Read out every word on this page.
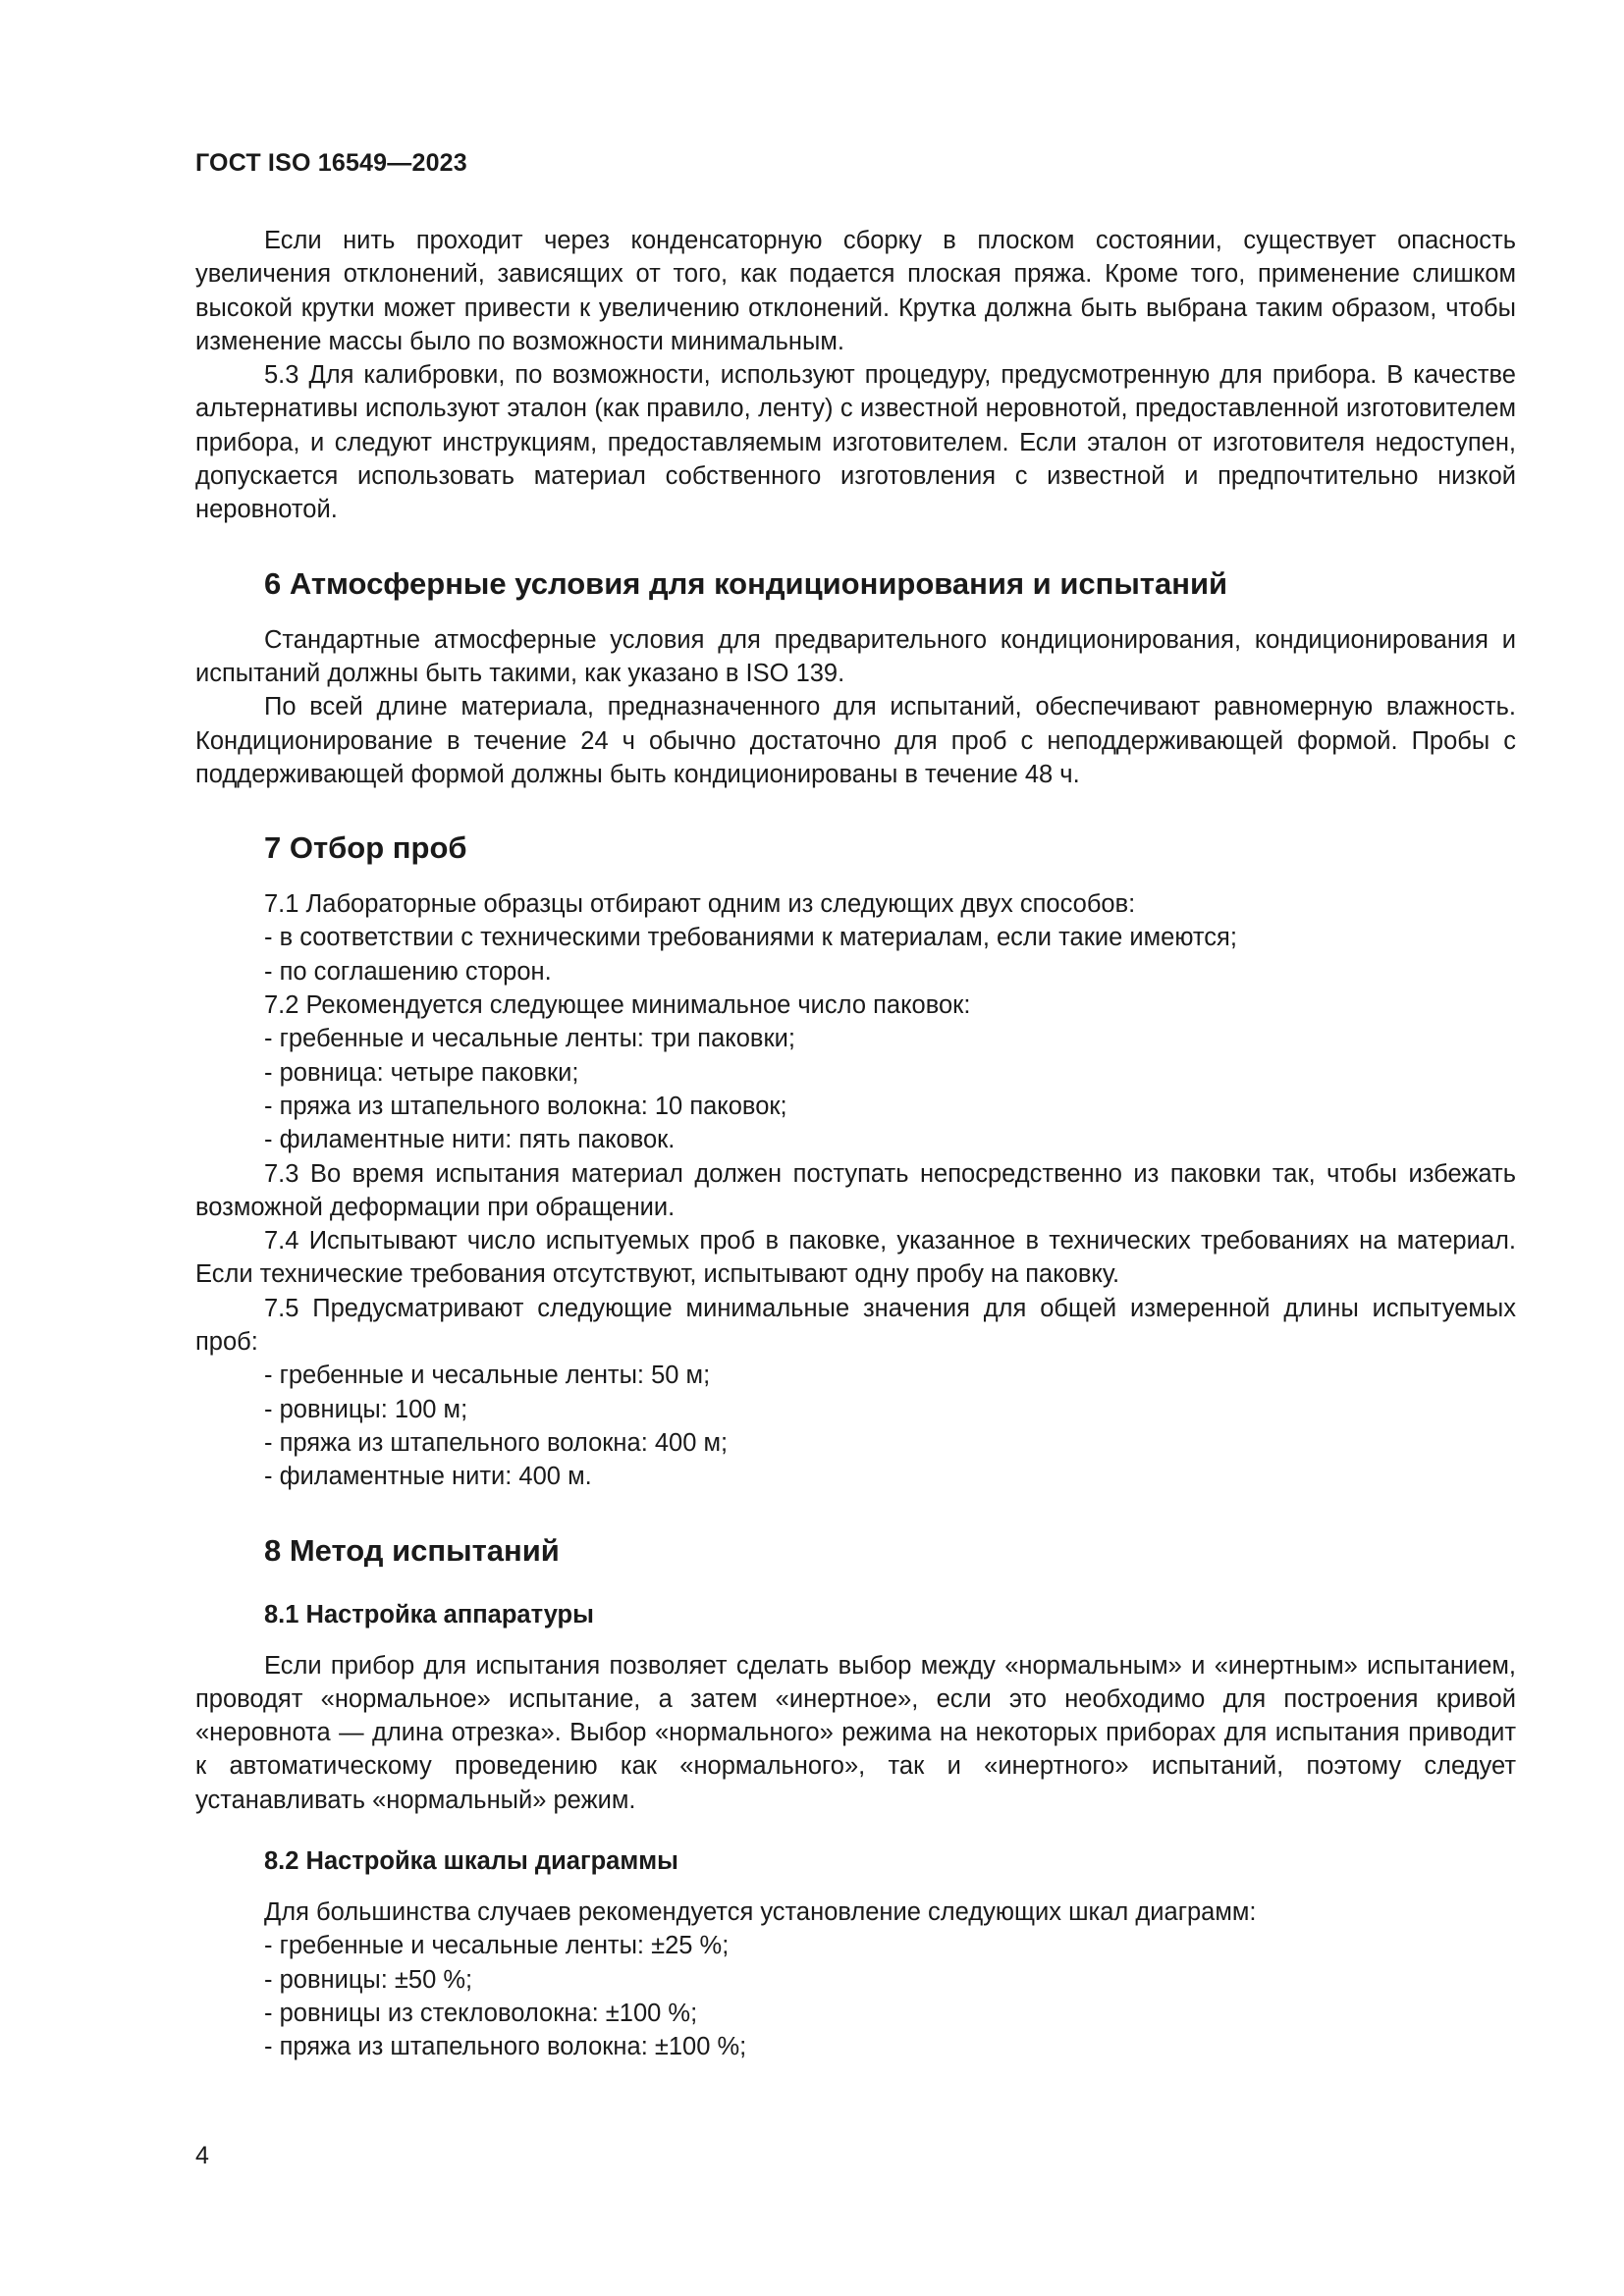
ГОСТ ISO 16549—2023

Если нить проходит через конденсаторную сборку в плоском состоянии, существует опасность увеличения отклонений, зависящих от того, как подается плоская пряжа. Кроме того, применение слишком высокой крутки может привести к увеличению отклонений. Крутка должна быть выбрана таким образом, чтобы изменение массы было по возможности минимальным.

5.3 Для калибровки, по возможности, используют процедуру, предусмотренную для прибора. В качестве альтернативы используют эталон (как правило, ленту) с известной неровнотой, предоставленной изготовителем прибора, и следуют инструкциям, предоставляемым изготовителем. Если эталон от изготовителя недоступен, допускается использовать материал собственного изготовления с известной и предпочтительно низкой неровнотой.

6 Атмосферные условия для кондиционирования и испытаний

Стандартные атмосферные условия для предварительного кондиционирования, кондиционирования и испытаний должны быть такими, как указано в ISO 139.

По всей длине материала, предназначенного для испытаний, обеспечивают равномерную влажность. Кондиционирование в течение 24 ч обычно достаточно для проб с неподдерживающей формой. Пробы с поддерживающей формой должны быть кондиционированы в течение 48 ч.

7 Отбор проб

7.1 Лабораторные образцы отбирают одним из следующих двух способов:

- в соответствии с техническими требованиями к материалам, если такие имеются;
- по соглашению сторон.

7.2 Рекомендуется следующее минимальное число паковок:

- гребенные и чесальные ленты: три паковки;
- ровница: четыре паковки;
- пряжа из штапельного волокна: 10 паковок;
- филаментные нити: пять паковок.

7.3 Во время испытания материал должен поступать непосредственно из паковки так, чтобы избежать возможной деформации при обращении.

7.4 Испытывают число испытуемых проб в паковке, указанное в технических требованиях на материал. Если технические требования отсутствуют, испытывают одну пробу на паковку.

7.5 Предусматривают следующие минимальные значения для общей измеренной длины испытуемых проб:

- гребенные и чесальные ленты: 50 м;
- ровницы: 100 м;
- пряжа из штапельного волокна: 400 м;
- филаментные нити: 400 м.
8 Метод испытаний
8.1 Настройка аппаратуры

Если прибор для испытания позволяет сделать выбор между «нормальным» и «инертным» испытанием, проводят «нормальное» испытание, а затем «инертное», если это необходимо для построения кривой «неровнота — длина отрезка». Выбор «нормального» режима на некоторых приборах для испытания приводит к автоматическому проведению как «нормального», так и «инертного» испытаний, поэтому следует устанавливать «нормальный» режим.

8.2 Настройка шкалы диаграммы
Для большинства случаев рекомендуется установление следующих шкал диаграмм:
- гребенные и чесальные ленты: ±25 %;
- ровницы: ±50 %;
- ровницы из стекловолокна: ±100 %;
- пряжа из штапельного волокна: ±100 %;
4
